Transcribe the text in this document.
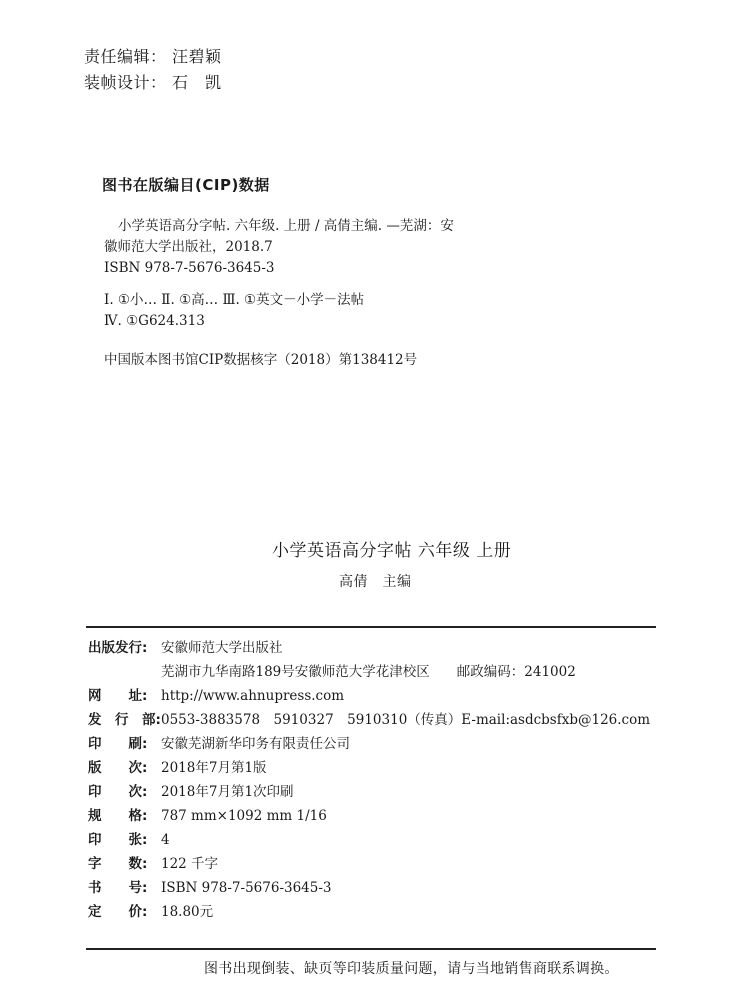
责任编辑： 汪碧颖
装帧设计： 石　凯
图书在版编目(CIP)数据
小学英语高分字帖. 六年级. 上册 / 高倩主编. —芜湖：安
徽师范大学出版社，2018.7
ISBN 978-7-5676-3645-3
Ⅰ. ①小… Ⅱ. ①高… Ⅲ. ①英文－小学－法帖
Ⅳ. ①G624.313
中国版本图书馆CIP数据核字（2018）第138412号
小学英语高分字帖 六年级 上册
高倩　主编
出版发行:	安徽师范大学出版社
芜湖市九华南路189号安徽师范大学花津校区　　邮政编码：241002
网　　址:	http://www.ahnupress.com
发　行　部: 0553-3883578　5910327　5910310（传真）E-mail:asdcbsfxb@126.com
印　　刷:	安徽芜湖新华印务有限责任公司
版　　次:	2018年7月第1版
印　　次:	2018年7月第1次印刷
规　　格:	787 mm×1092 mm 1/16
印　　张:	4
字　　数:	122 千字
书　　号:	ISBN 978-7-5676-3645-3
定　　价:	18.80元
图书出现倒装、缺页等印装质量问题，请与当地销售商联系调换。
